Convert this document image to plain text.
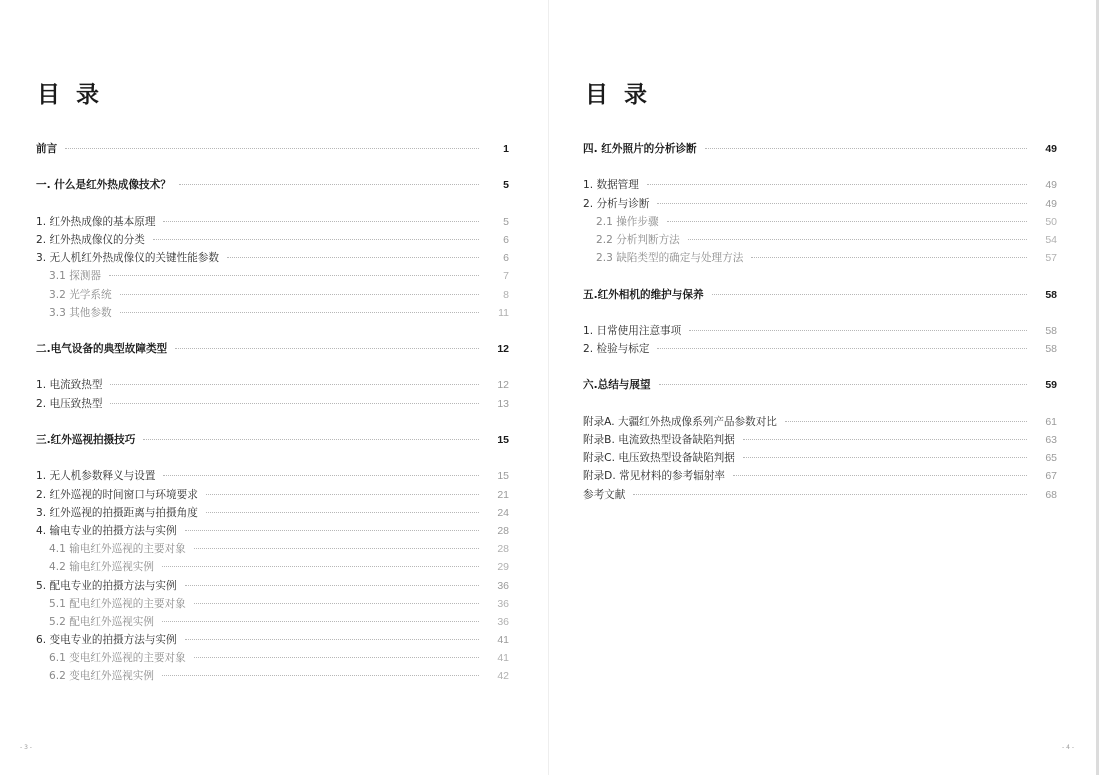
目 录
前言	1
一. 什么是红外热成像技术？	5
1. 红外热成像的基本原理	5
2. 红外热成像仪的分类	6
3. 无人机红外热成像仪的关键性能参数	6
3.1 探测器	7
3.2 光学系统	8
3.3 其他参数	11
二.电气设备的典型故障类型	12
1. 电流致热型	12
2. 电压致热型	13
三.红外巡视拍摄技巧	15
1. 无人机参数释义与设置	15
2. 红外巡视的时间窗口与环境要求	21
3. 红外巡视的拍摄距离与拍摄角度	24
4. 输电专业的拍摄方法与实例	28
4.1 输电红外巡视的主要对象	28
4.2 输电红外巡视实例	29
5. 配电专业的拍摄方法与实例	36
5.1 配电红外巡视的主要对象	36
5.2 配电红外巡视实例	36
6. 变电专业的拍摄方法与实例	41
6.1 变电红外巡视的主要对象	41
6.2 变电红外巡视实例	42
- 3 -
目 录
四. 红外照片的分析诊断	49
1. 数据管理	49
2. 分析与诊断	49
2.1 操作步骤	50
2.2 分析判断方法	54
2.3 缺陷类型的确定与处理方法	57
五.红外相机的维护与保养	58
1. 日常使用注意事项	58
2. 检验与标定	58
六.总结与展望	59
附录A. 大疆红外热成像系列产品参数对比	61
附录B. 电流致热型设备缺陷判据	63
附录C. 电压致热型设备缺陷判据	65
附录D. 常见材料的参考辐射率	67
参考文献	68
- 4 -
